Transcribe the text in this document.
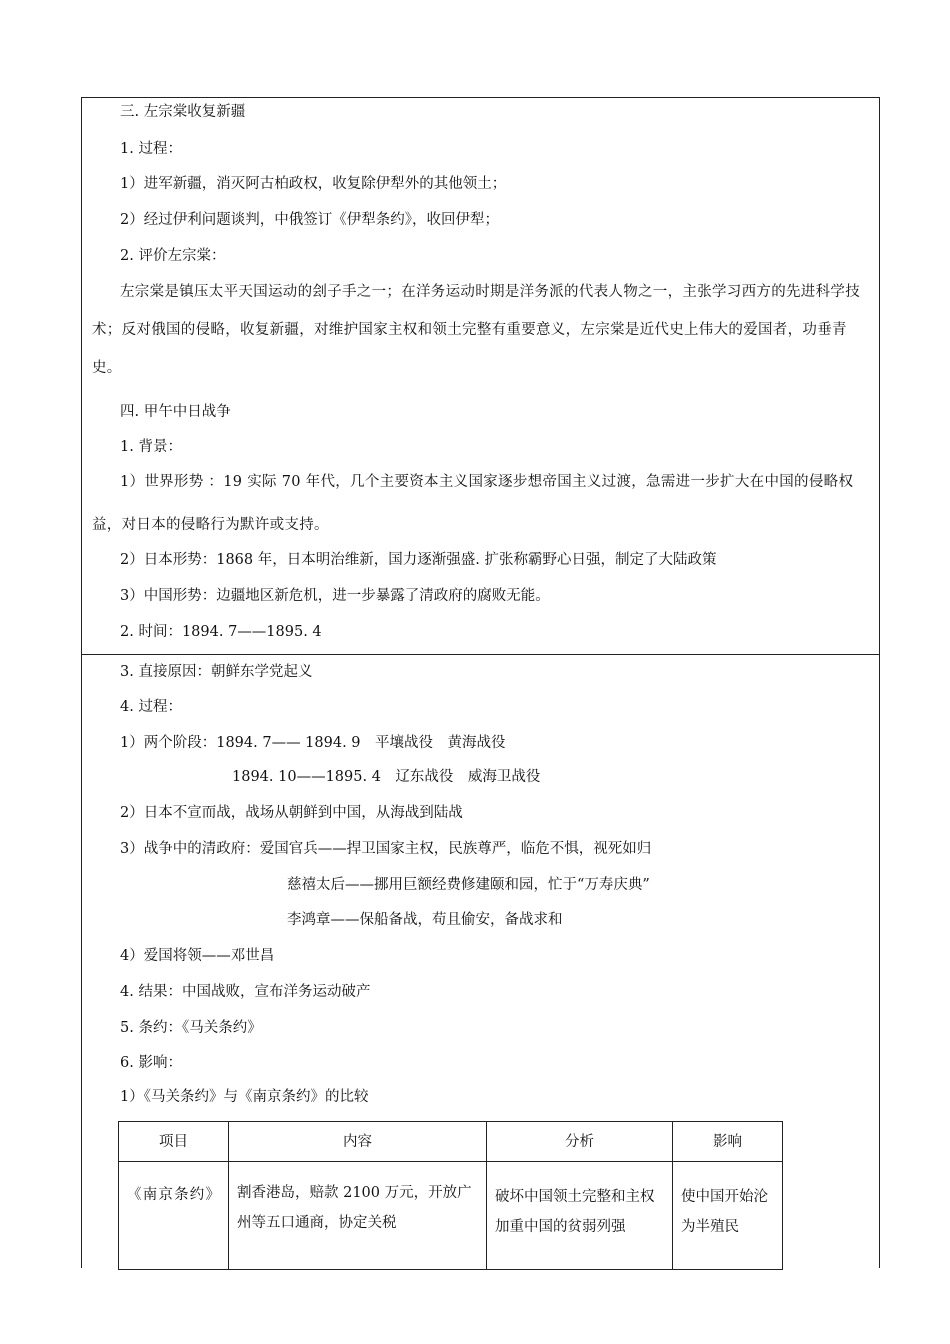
三. 左宗棠收复新疆
1. 过程：
1）进军新疆，消灭阿古柏政权，收复除伊犁外的其他领土；
2）经过伊利问题谈判，中俄签订《伊犁条约》，收回伊犁；
2. 评价左宗棠：
左宗棠是镇压太平天国运动的刽子手之一；在洋务运动时期是洋务派的代表人物之一，主张学习西方的先进科学技术；反对俄国的侵略，收复新疆，对维护国家主权和领土完整有重要意义，左宗棠是近代史上伟大的爱国者，功垂青史。
四. 甲午中日战争
1. 背景：
1）世界形势 ：19 实际 70 年代，几个主要资本主义国家逐步想帝国主义过渡，急需进一步扩大在中国的侵略权益，对日本的侵略行为默许或支持。
2）日本形势：1868 年，日本明治维新，国力逐渐强盛. 扩张称霸野心日强，制定了大陆政策
3）中国形势：边疆地区新危机，进一步暴露了清政府的腐败无能。
2. 时间：1894. 7——1895. 4
3. 直接原因：朝鲜东学党起义
4. 过程：
1）两个阶段：1894. 7—— 1894. 9　平壤战役　黄海战役
1894. 10——1895. 4　辽东战役　威海卫战役
2）日本不宣而战，战场从朝鲜到中国，从海战到陆战
3）战争中的清政府：爱国官兵——捍卫国家主权，民族尊严，临危不惧，视死如归
慈禧太后——挪用巨额经费修建颐和园，忙于“万寿庆典”
李鸿章——保船备战，苟且偷安，备战求和
4）爱国将领——邓世昌
4. 结果：中国战败，宣布洋务运动破产
5. 条约：《马关条约》
6. 影响：
1）《马关条约》与《南京条约》的比较
项目	内容	分析	影响
《南京条约》	割香港岛，赔款 2100 万元，开放广州等五口通商，协定关税	破坏中国领土完整和主权加重中国的贫弱列强	使中国开始沦为半殖民
